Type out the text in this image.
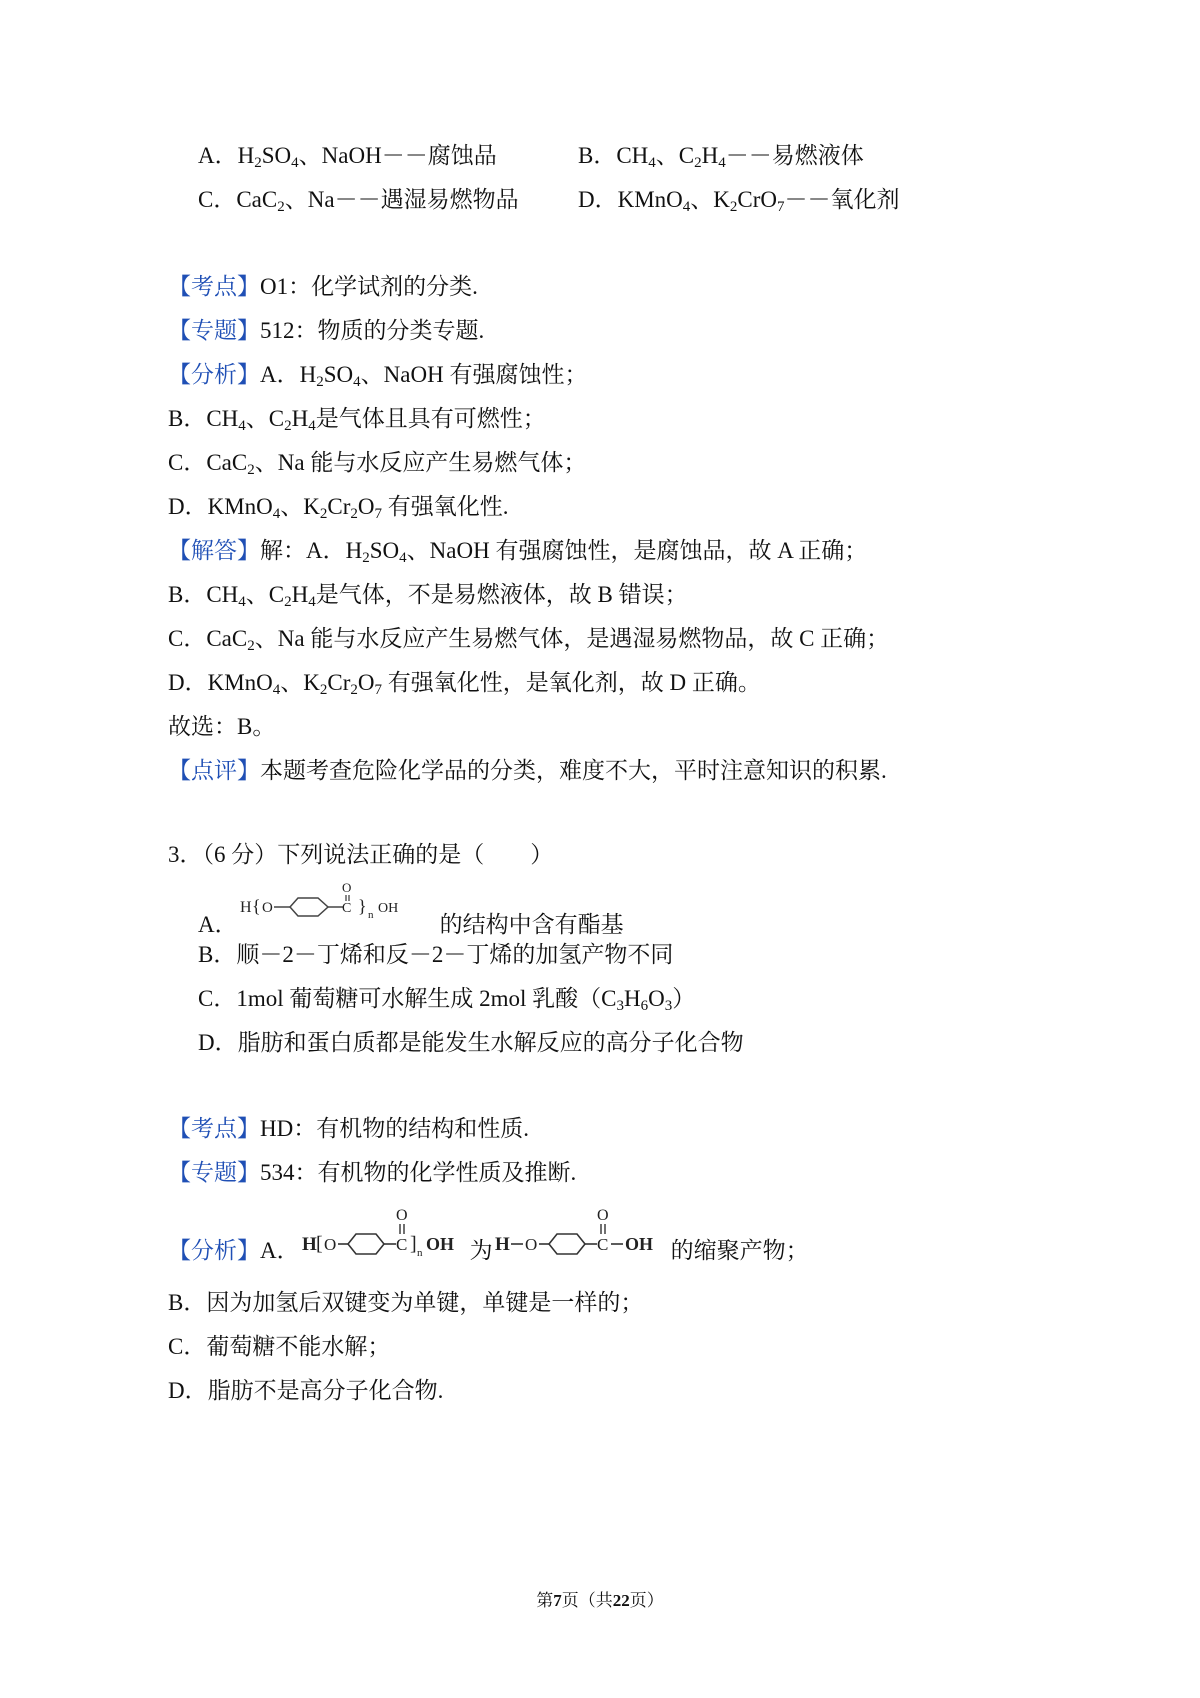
A．$H_2SO_4$、NaOH－－腐蚀品	B．$CH_4$、$C_2H_4--$易燃液体
C．CaC$_2$、Na－－遇湿易燃物品	D．KMnO$_4$、$K_2CrO_7--$氧化剂
【考点】O1：化学试剂的分类.
【专题】512：物质的分类专题.
【分析】A．$H_2SO_4$、NaOH 有强腐蚀性；
B．$CH_4$、$C_2H_4$是气体且具有可燃性；
C．CaC$_2$、Na 能与水反应产生易燃气体；
D．KMnO$_4$、$K_2Cr_2O_7$ 有强氧化性.
【解答】解：A．$H_2SO_4$、NaOH 有强腐蚀性，是腐蚀品，故 A 正确；
B．$CH_4$、$C_2H_4$是气体，不是易燃液体，故 B 错误；
C．CaC$_2$、Na 能与水反应产生易燃气体，是遇湿易燃物品，故 C 正确；
D．KMnO$_4$、$K_2Cr_2O_7$ 有强氧化性，是氧化剂，故 D 正确。
故选：B。
【点评】本题考查危险化学品的分类，难度不大，平时注意知识的积累.
3．（6 分）下列说法正确的是（　　）
A．
H { O
O
C } n OH
的结构中含有酯基
B．顺－2－丁烯和反－2－丁烯的加氢产物不同
C．1mol 葡萄糖可水解生成 2mol 乳酸$(C_3H_6O_3)$
D．脂肪和蛋白质都是能发生水解反应的高分子化合物
【考点】HD：有机物的结构和性质.
【专题】534：有机物的化学性质及推断.
【分析】A． H [ O
O
C ] n OH 为 H O
O
C OH 的缩聚产物；
B．因为加氢后双键变为单键，单键是一样的；
C．葡萄糖不能水解；
D．脂肪不是高分子化合物.
第7页（共22页）
